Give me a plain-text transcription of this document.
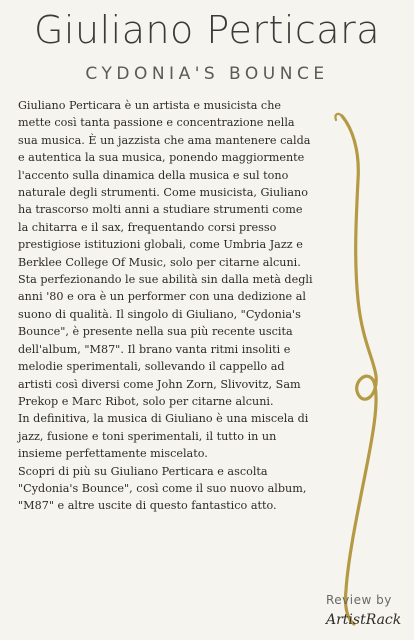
Giuliano Perticara
CYDONIA'S BOUNCE

Giuliano Perticara è un artista e musicista che mette così tanta passione e concentrazione nella sua musica. È un jazzista che ama mantenere calda e autentica la sua musica, ponendo maggiormente l'accento sulla dinamica della musica e sul tono naturale degli strumenti. Come musicista, Giuliano ha trascorso molti anni a studiare strumenti come la chitarra e il sax, frequentando corsi presso prestigiose istituzioni globali, come Umbria Jazz e Berklee College Of Music, solo per citarne alcuni. Sta perfezionando le sue abilità sin dalla metà degli anni '80 e ora è un performer con una dedizione al suono di qualità. Il singolo di Giuliano, "Cydonia's Bounce", è presente nella sua più recente uscita dell'album, "M87". Il brano vanta ritmi insoliti e melodie sperimentali, sollevando il cappello ad artisti così diversi come John Zorn, Slivovitz, Sam Prekop e Marc Ribot, solo per citarne alcuni.

In definitiva, la musica di Giuliano è una miscela di jazz, fusione e toni sperimentali, il tutto in un insieme perfettamente miscelato.

Scopri di più su Giuliano Perticara e ascolta "Cydonia's Bounce", così come il suo nuovo album, "M87" e altre uscite di questo fantastico atto.

Review by
ArtistRack
